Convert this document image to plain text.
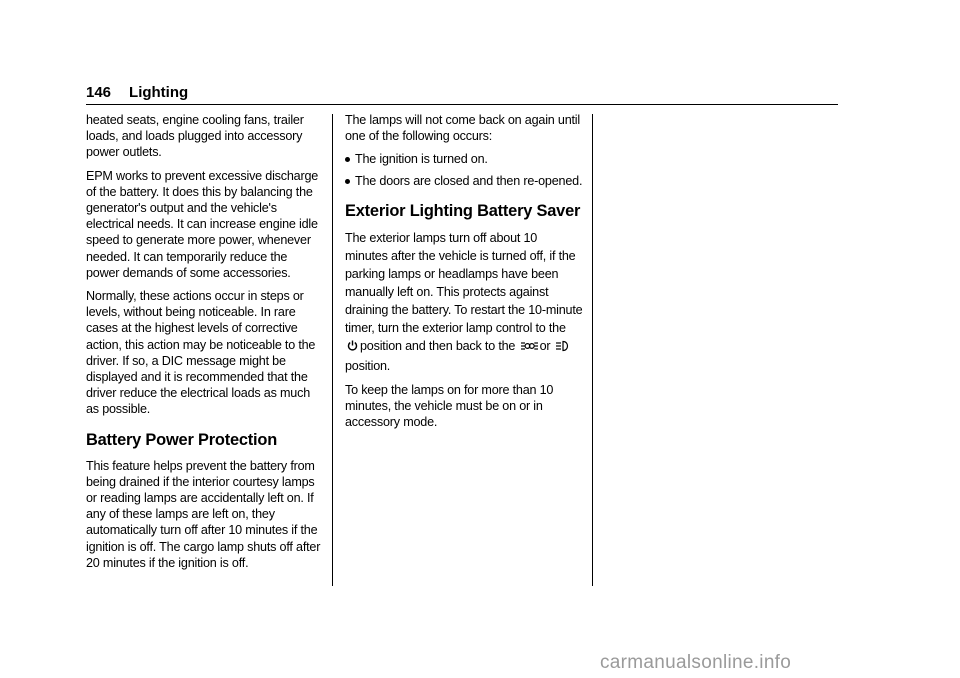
146 Lighting

heated seats, engine cooling fans, trailer loads, and loads plugged into accessory power outlets.

EPM works to prevent excessive discharge of the battery. It does this by balancing the generator's output and the vehicle's electrical needs. It can increase engine idle speed to generate more power, whenever needed. It can temporarily reduce the power demands of some accessories.

Normally, these actions occur in steps or levels, without being noticeable. In rare cases at the highest levels of corrective action, this action may be noticeable to the driver. If so, a DIC message might be displayed and it is recommended that the driver reduce the electrical loads as much as possible.

Battery Power Protection

This feature helps prevent the battery from being drained if the interior courtesy lamps or reading lamps are accidentally left on. If any of these lamps are left on, they automatically turn off after 10 minutes if the ignition is off. The cargo lamp shuts off after 20 minutes if the ignition is off.

The lamps will not come back on again until one of the following occurs:

The ignition is turned on.
The doors are closed and then re-opened.
Exterior Lighting Battery Saver

The exterior lamps turn off about 10 minutes after the vehicle is turned off, if the parking lamps or headlamps have been manually left on. This protects against draining the battery. To restart the 10-minute timer, turn the exterior lamp control to the position and then back to the or position.

To keep the lamps on for more than 10 minutes, the vehicle must be on or in accessory mode.

carmanualsonline.info
